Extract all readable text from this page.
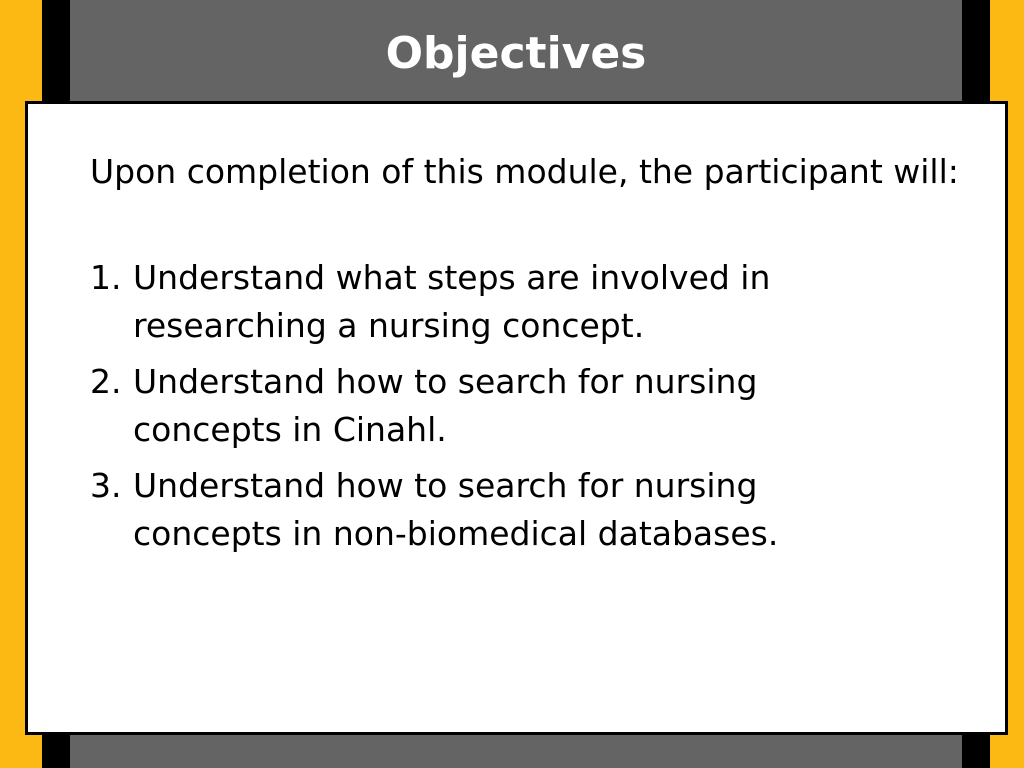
Objectives

Upon completion of this module, the participant will:

1. Understand what steps are involved in researching a nursing concept.
2. Understand how to search for nursing concepts in Cinahl.
3. Understand how to search for nursing concepts in non-biomedical databases.
